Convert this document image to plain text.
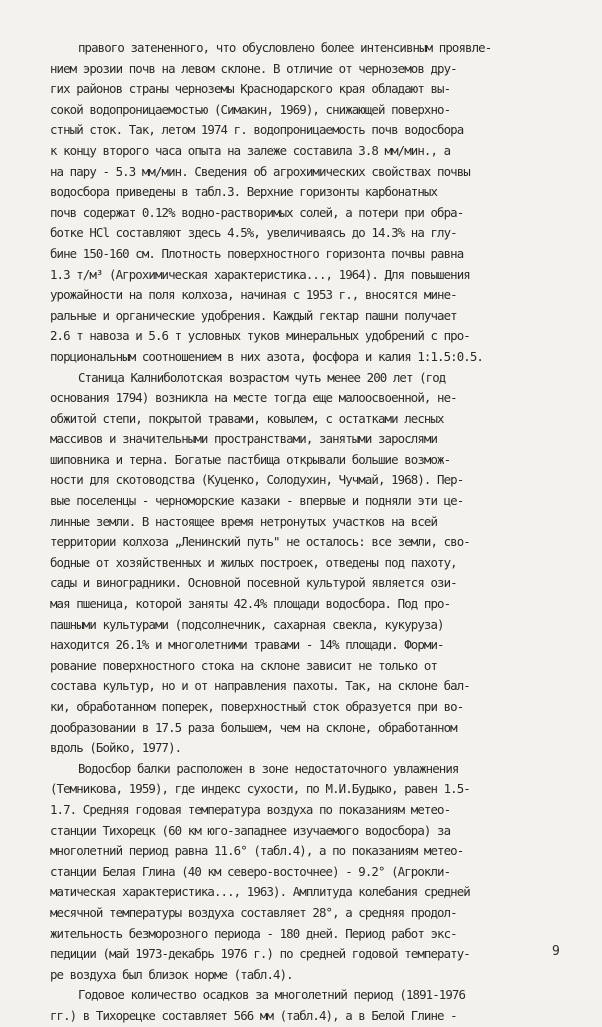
правого затененного, что обусловлено более интенсивным проявле-
нием эрозии почв на левом склоне. В отличие от черноземов дру-
гих районов страны черноземы Краснодарского края обладают вы-
сокой водопроницаемостью (Симакин, 1969), снижающей поверхно-
стный сток. Так, летом 1974 г. водопроницаемость почв водосбора
к концу второго часа опыта на залеже составила 3.8 мм/мин., а
на пару - 5.3 мм/мин. Сведения об агрохимических свойствах почвы
водосбора приведены в табл.3. Верхние горизонты карбонатных
почв содержат 0.12% водно-растворимых солей, а потери при обра-
ботке HCl составляют здесь 4.5%, увеличиваясь до 14.3% на глу-
бине 150-160 см. Плотность поверхностного горизонта почвы равна
1.3 т/м³ (Агрохимическая характеристика..., 1964). Для повышения
урожайности на поля колхоза, начиная с 1953 г., вносятся мине-
ральные и органические удобрения. Каждый гектар пашни получает
2.6 т навоза и 5.6 т условных туков минеральных удобрений с про-
порциональным соотношением в них азота, фосфора и калия 1:1.5:0.5.
Станица Калниболотская возрастом чуть менее 200 лет (год
основания 1794) возникла на месте тогда еще малоосвоенной, не-
обжитой степи, покрытой травами, ковылем, с остатками лесных
массивов и значительными пространствами, занятыми зарослями
шиповника и терна. Богатые пастбища открывали большие возмож-
ности для скотоводства (Куценко, Солодухин, Чучмай, 1968). Пер-
вые поселенцы - черноморские казаки - впервые и подняли эти це-
линные земли. В настоящее время нетронутых участков на всей
территории колхоза „Ленинский путь" не осталось: все земли, сво-
бодные от хозяйственных и жилых построек, отведены под пахоту,
сады и виноградники. Основной посевной культурой является ози-
мая пшеница, которой заняты 42.4% площади водосбора. Под про-
пашными культурами (подсолнечник, сахарная свекла, кукуруза)
находится 26.1% и многолетними травами - 14% площади. Форми-
рование поверхностного стока на склоне зависит не только от
состава культур, но и от направления пахоты. Так, на склоне бал-
ки, обработанном поперек, поверхностный сток образуется при во-
дообразовании в 17.5 раза большем, чем на склоне, обработанном
вдоль (Бойко, 1977).
Водосбор балки расположен в зоне недостаточного увлажнения
(Темникова, 1959), где индекс сухости, по М.И.Будыко, равен 1.5-
1.7. Средняя годовая температура воздуха по показаниям метео-
станции Тихорецк (60 км юго-западнее изучаемого водосбора) за
многолетний период равна 11.6° (табл.4), а по показаниям метео-
станции Белая Глина (40 км северо-восточнее) - 9.2° (Агрокли-
матическая характеристика..., 1963). Амплитуда колебания средней
месячной температуры воздуха составляет 28°, а средняя продол-
жительность безморозного периода - 180 дней. Период работ экс-
педиции (май 1973-декабрь 1976 г.) по средней годовой температу-
ре воздуха был близок норме (табл.4).
Годовое количество осадков за многолетний период (1891-1976
гг.) в Тихорецке составляет 566 мм (табл.4), а в Белой Глине -
9
